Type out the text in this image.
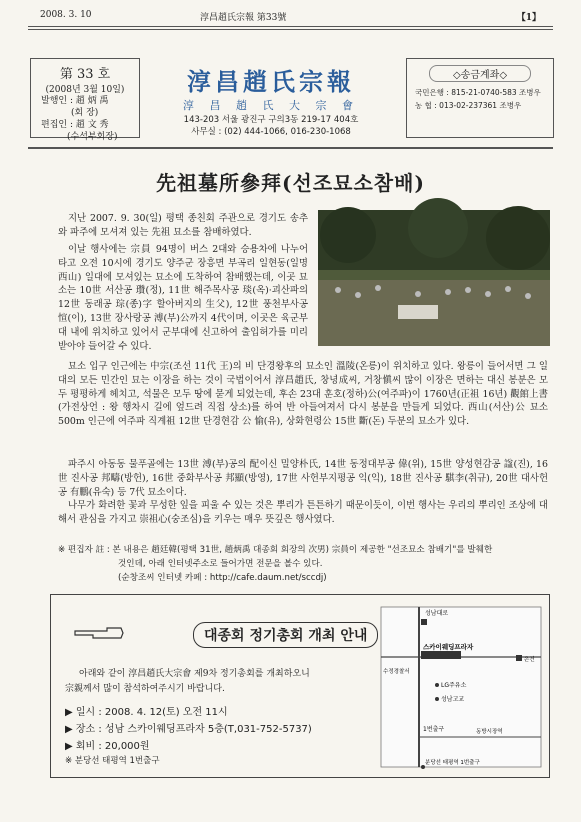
2008. 3. 10	淳昌趙氏宗報 第33號	【1】
第 33 호
(2008년 3월 10일)
발행인 : 趙 炳 禹
(회 장)
편집인 : 趙 文 秀
(수석부회장)
淳昌趙氏宗報
淳 昌 趙 氏 大 宗 會
143-203 서울 광진구 구의3동 219-17 404호
사무실 : (02) 444-1066, 016-230-1068
◇송금계좌◇
국민은행 : 815-21-0740-583 조병우
농 협 : 013-02-237361 조병우
先祖墓所參拜(선조묘소참배)
지난 2007. 9. 30(일) 평택 종친회 주관으로 경기도 송추와 파주에 모셔져 있는 先祖 묘소를 참배하였다.
이날 행사에는 宗員 94명이 버스 2대와 승용차에 나누어 타고 오전 10시에 경기도 양주군 장흥면 부곡리 일현동(일명 西山) 일대에 모셔있는 묘소에 도착하여 참배했는데, 이곳 묘소는 10世 서산공 瓚(정), 11世 해주목사공 琰(옥)·괴산파의 12世 동래공 琮(종)字 할아버지의 生父), 12世 풍천부사공 愃(이), 13世 장사랑공 溥(부)公까지 4代이며, 이곳은 육군부대 내에 위치하고 있어서 군부대에 신고하여 출입허가를 미리 받아야 들어갈 수 있다.
묘소 입구 인근에는 中宗(조선 11代 王)의 비 단경왕후의 묘소인 溫陵(온릉)이 위치하고 있다. 왕릉이 들어서면 그 일대의 모든 민간인 묘는 이장을 하는 것이 국법이어서 淳昌趙氏, 창녕成씨, 거창愼씨 많이 이장은 면하는 대신 봉분은 모두 평평하게 헤치고, 석물은 모두 땅에 묻게 되었는데, 후손 23대 훈호(정하)公(여주파)이 1760년(正祖 16년) 觀館上書(가전상언 : 왕 행차시 길에 엎드려 직접 상소)를 하여 반 아들여져서 다시 봉분을 만들게 되었다. 西山(서산)公 묘소 500m 인근에 여주파 직계祖 12世 단경현감 公 愉(유), 상화현령公 15世 斷(돈) 두분의 묘소가 있다.
파주시 아동동 물푸골에는 13世 溥(부)공의 配이신 밀양朴氏, 14世 동정대부공 偉(위), 15世 양성현감공 諡(진), 16世 진사공 邦疇(방헌), 16世 중화부사공 邦顯(방영), 17世 사헌부지평공 익(익), 18世 진사공 騏李(취규), 20世 대사헌공 有鵬(유숙) 등 7代 묘소이다.
나무가 화려한 꽃과 무성한 잎을 피울 수 있는 것은 뿌리가 튼튼하기 때문이듯이, 이번 행사는 우리의 뿌리인 조상에 대해서 관심을 가지고 崇祖心(숭조심)을 키우는 매우 뜻깊은 행사였다.
※ 편집자 註 : 본 내용은 趙廷韓(평택 31世, 趙炳禹 대종회 회장의 次男) 宗員이 제공한 "선조묘소 참배기"를 발췌한
것인데, 아래 인터넷주소로 들어가면 전문을 볼수 있다.
(순창조씨 인터넷 카페 : http://cafe.daum.net/sccdj)
대종회 정기총회 개최 안내
아래와 같이 淳昌趙氏大宗會 제9차 정기총회를 개최하오니
宗親께서 많이 참석하여주시기 바랍니다.
▶ 일시 : 2008. 4. 12(토) 오전 11시
▶ 장소 : 성남 스카이웨딩프라자 5층(T,031-752-5737)
▶ 회비 : 20,000원
※ 분당선 태평역 1번출구
성남대로
스카이웨딩프라자
LG주유소
성남고교
1번출구	동방시장역
분당선 태평역 1번출구
수정경찰서
은건
